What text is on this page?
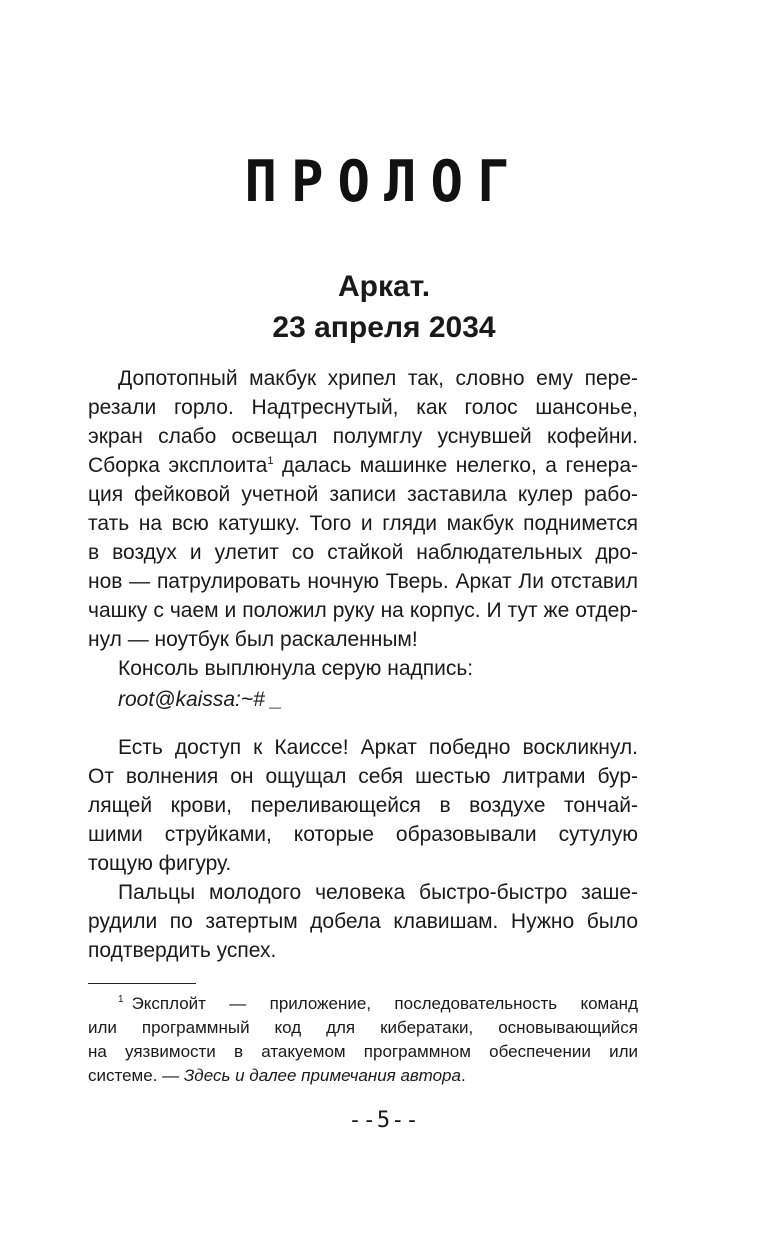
ПРОЛОГ
Аркат.
23 апреля 2034
Допотопный макбук хрипел так, словно ему пере-
резали горло. Надтреснутый, как голос шансонье,
экран слабо освещал полумглу уснувшей кофейни.
Сборка эксплоита$^1$ далась машинке нелегко, а генера-
ция фейковой учетной записи заставила кулер рабо-
тать на всю катушку. Того и гляди макбук поднимется
в воздух и улетит со стайкой наблюдательных дро-
нов — патрулировать ночную Тверь. Аркат Ли отставил
чашку с чаем и положил руку на корпус. И тут же отдер-
нул — ноутбук был раскаленным!
Консоль выплюнула серую надпись:
root@kaissa:~# _
Есть доступ к Каиссе! Аркат победно воскликнул.
От волнения он ощущал себя шестью литрами бур-
лящей крови, переливающейся в воздухе тончай-
шими струйками, которые образовывали сутулую
тощую фигуру.
Пальцы молодого человека быстро-быстро заше-
рудили по затертым добела клавишам. Нужно было
подтвердить успех.
$^1$ Эксплойт — приложение, последовательность команд
или программный код для кибератаки, основывающийся
на уязвимости в атакуемом программном обеспечении или
системе. — Здесь и далее примечания автора.
--5--
